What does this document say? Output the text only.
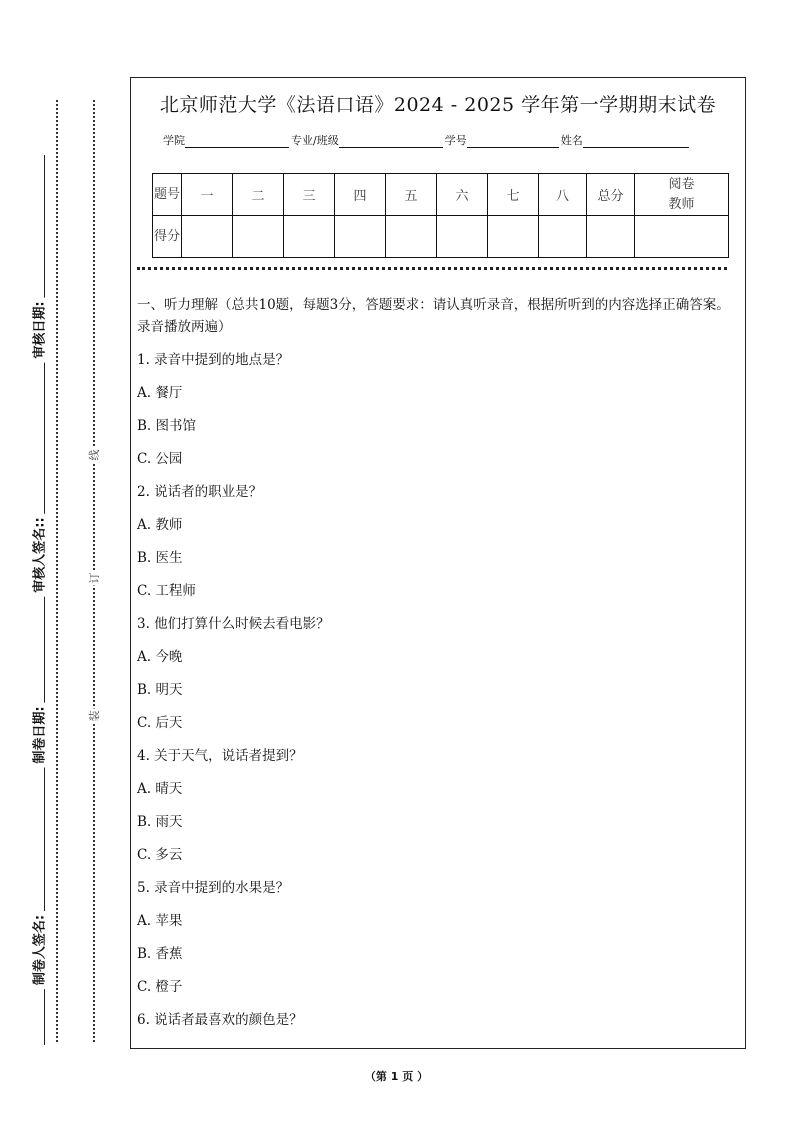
审核日期:
审核人签名::
制卷日期:
制卷人签名:
线
订
装
北京师范大学《法语口语》2024 - 2025 学年第一学期期末试卷
学院	专业/班级	学号	姓名
题号	一	二	三	四	五	六	七	八	总分	阅卷教师
得分										
一、听力理解（总共10题，每题3分，答题要求：请认真听录音，根据所听到的内容选择正确答案。录音播放两遍）
1. 录音中提到的地点是？
A. 餐厅
B. 图书馆
C. 公园
2. 说话者的职业是？
A. 教师
B. 医生
C. 工程师
3. 他们打算什么时候去看电影？
A. 今晚
B. 明天
C. 后天
4. 关于天气，说话者提到？
A. 晴天
B. 雨天
C. 多云
5. 录音中提到的水果是？
A. 苹果
B. 香蕉
C. 橙子
6. 说话者最喜欢的颜色是？
（第 1 页 ）
